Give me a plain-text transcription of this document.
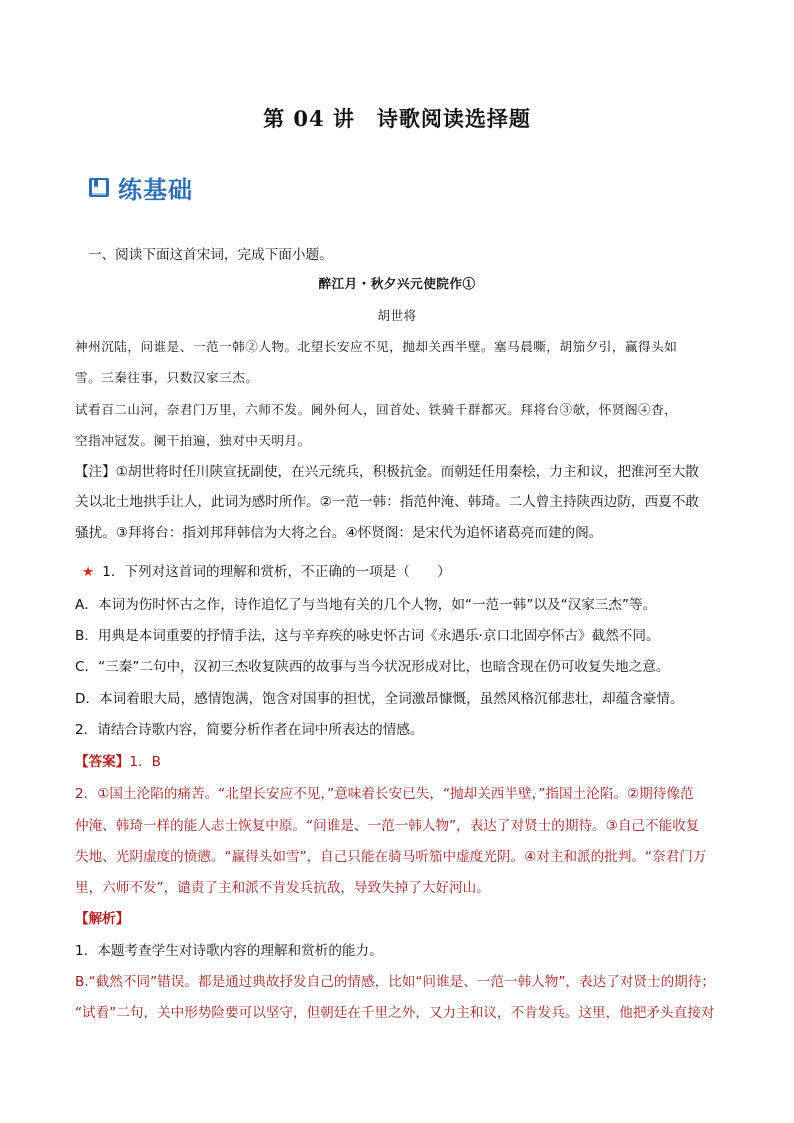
第 04 讲 诗歌阅读选择题
练基础
一、阅读下面这首宋词，完成下面小题。
醉江月・秋夕兴元使院作①
胡世将
神州沉陆，问谁是、一范一韩②人物。北望长安应不见，抛却关西半壁。塞马晨嘶，胡笳夕引，赢得头如
雪。三秦往事，只数汉家三杰。
试看百二山河，奈君门万里，六师不发。阃外何人，回首处、铁骑千群都灭。拜将台③欹，怀贤阁④杳，
空指冲冠发。阑干拍遍，独对中天明月。
【注】①胡世将时任川陕宣抚副使，在兴元统兵，积极抗金。而朝廷任用秦桧，力主和议，把淮河至大散
关以北土地拱手让人，此词为感时所作。②一范一韩：指范仲淹、韩琦。二人曾主持陕西边防，西夏不敢
骚扰。③拜将台：指刘邦拜韩信为大将之台。④怀贤阁：是宋代为追怀诸葛亮而建的阁。
★ 1．下列对这首词的理解和赏析，不正确的一项是（　　）
A．本词为伤时怀古之作，诗作追忆了与当地有关的几个人物，如“一范一韩”以及“汉家三杰”等。
B．用典是本词重要的抒情手法，这与辛弃疾的咏史怀古词《永遇乐·京口北固亭怀古》截然不同。
C．“三秦”二句中，汉初三杰收复陕西的故事与当今状况形成对比，也暗含现在仍可收复失地之意。
D．本词着眼大局，感情饱满，饱含对国事的担忧，全词激昂慷慨，虽然风格沉郁悲壮，却蕴含豪情。
2．请结合诗歌内容，简要分析作者在词中所表达的情感。
【答案】1．B
2．①国土沦陷的痛苦。“北望长安应不见，”意味着长安已失，“抛却关西半壁，”指国土沦陷。②期待像范
仲淹、韩琦一样的能人志士恢复中原。“问谁是、一范一韩人物”，表达了对贤士的期待。③自己不能收复
失地、光阴虚度的愤懑。“赢得头如雪”，自己只能在骑马听笳中虚度光阴。④对主和派的批判。“奈君门万
里，六师不发”，谴责了主和派不肯发兵抗敌，导致失掉了大好河山。
【解析】
1．本题考查学生对诗歌内容的理解和赏析的能力。
B.“截然不同”错误。都是通过典故抒发自己的情感，比如“问谁是、一范一韩人物”，表达了对贤士的期待；
“试看”二句，关中形势险要可以坚守，但朝廷在千里之外，又力主和议，不肯发兵。这里，他把矛头直接对
